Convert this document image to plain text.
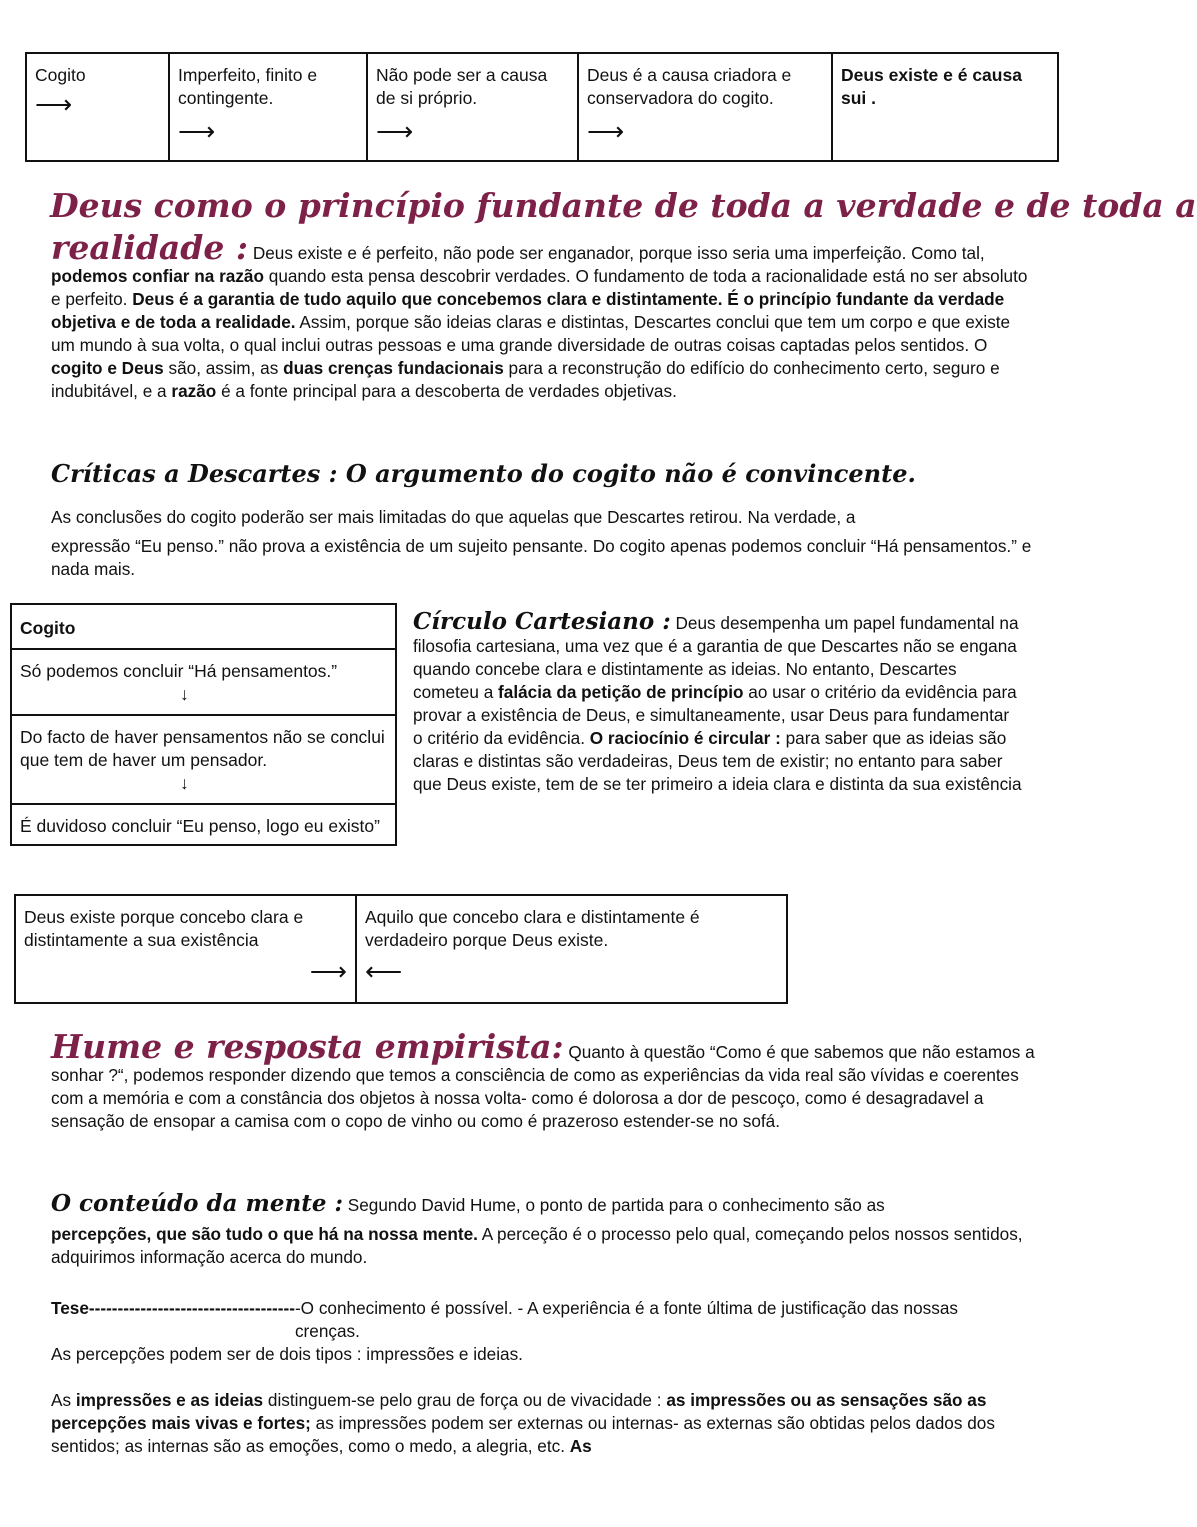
Cogito
⟶
	Imperfeito, finito e contingente.
⟶
	Não pode ser a causa de si próprio.
⟶
	Deus é a causa criadora e conservadora do cogito.
⟶
	Deus existe e é causa sui .
Deus como o princípio fundante de toda a verdade e de toda a
realidade : Deus existe e é perfeito, não pode ser enganador, porque isso seria uma imperfeição. Como tal, podemos confiar na razão quando esta pensa descobrir verdades. O fundamento de toda a racionalidade está no ser absoluto e perfeito. Deus é a garantia de tudo aquilo que concebemos clara e distintamente. É o princípio fundante da verdade objetiva e de toda a realidade. Assim, porque são ideias claras e distintas, Descartes conclui que tem um corpo e que existe um mundo à sua volta, o qual inclui outras pessoas e uma grande diversidade de outras coisas captadas pelos sentidos. O cogito e Deus são, assim, as duas crenças fundacionais para a reconstrução do edifício do conhecimento certo, seguro e indubitável, e a razão é a fonte principal para a descoberta de verdades objetivas.
Críticas a Descartes : O argumento do cogito não é convincente.
As conclusões do cogito poderão ser mais limitadas do que aquelas que Descartes retirou. Na verdade, a
expressão “Eu penso.” não prova a existência de um sujeito pensante. Do cogito apenas podemos concluir “Há pensamentos.” e nada mais.
Cogito
Só podemos concluir “Há pensamentos.”
↓
Do facto de haver pensamentos não se conclui que tem de haver um pensador.
↓
É duvidoso concluir “Eu penso, logo eu existo”
Círculo Cartesiano : Deus desempenha um papel fundamental na filosofia cartesiana, uma vez que é a garantia de que Descartes não se engana quando concebe clara e distintamente as ideias. No entanto, Descartes cometeu a falácia da petição de princípio ao usar o critério da evidência para provar a existência de Deus, e simultaneamente, usar Deus para fundamentar o critério da evidência. O raciocínio é circular : para saber que as ideias são claras e distintas são verdadeiras, Deus tem de existir; no entanto para saber que Deus existe, tem de se ter primeiro a ideia clara e distinta da sua existência
Deus existe porque concebo clara e distintamente a sua existência
⟶
	Aquilo que concebo clara e distintamente é verdadeiro porque Deus existe.
⟵
Hume e resposta empirista: Quanto à questão “Como é que sabemos que não estamos a sonhar ?“, podemos responder dizendo que temos a consciência de como as experiências da vida real são vívidas e coerentes com a memória e com a constância dos objetos à nossa volta- como é dolorosa a dor de pescoço, como é desagradavel a sensação de ensopar a camisa com o copo de vinho ou como é prazeroso estender-se no sofá.
O conteúdo da mente : Segundo David Hume, o ponto de partida para o conhecimento são as
percepções, que são tudo o que há na nossa mente. A perceção é o processo pelo qual, começando pelos nossos sentidos, adquirimos informação acerca do mundo.
Tese------------------------------------ -O conhecimento é possível. - A experiência é a fonte última de justificação das nossas crenças.
As percepções podem ser de dois tipos : impressões e ideias.
As impressões e as ideias distinguem-se pelo grau de força ou de vivacidade : as impressões ou as sensações são as percepções mais vivas e fortes; as impressões podem ser externas ou internas- as externas são obtidas pelos dados dos sentidos; as internas são as emoções, como o medo, a alegria, etc. As
